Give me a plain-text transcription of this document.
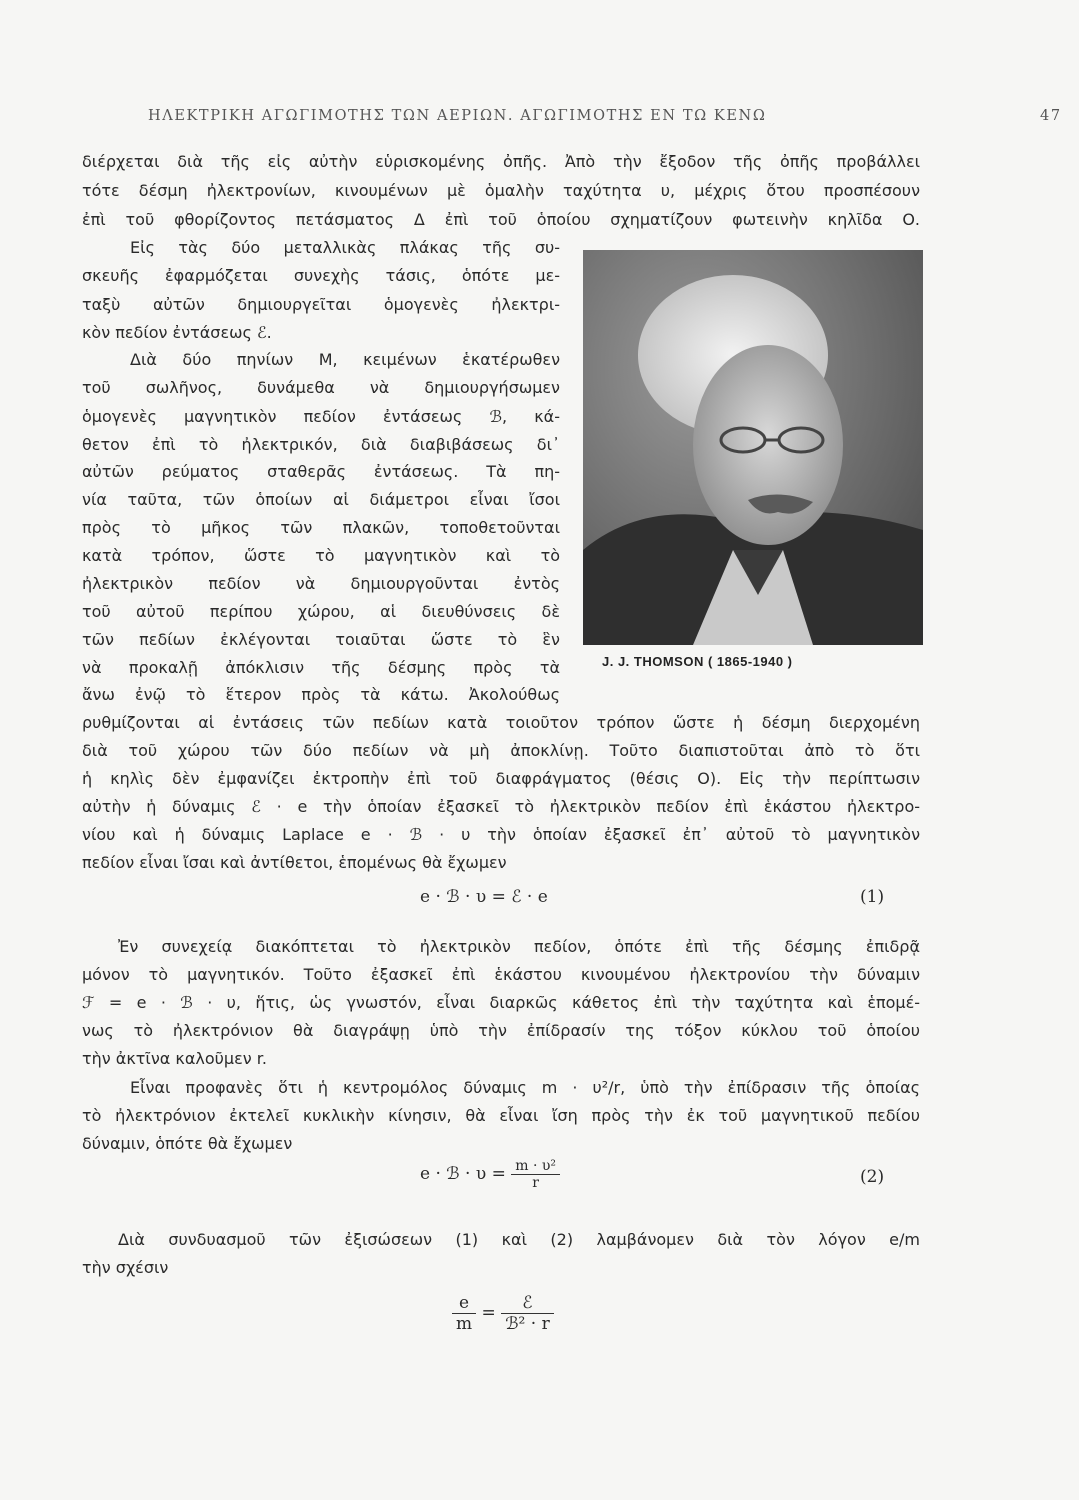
ΗΛΕΚΤΡΙΚΗ ΑΓΩΓΙΜΟΤΗΣ ΤΩΝ ΑΕΡΙΩΝ. ΑΓΩΓΙΜΟΤΗΣ ΕΝ ΤΩ ΚΕΝΩ	47
διέρχεται διὰ τῆς εἰς αὐτὴν εὑρισκομένης ὀπῆς. Ἀπὸ τὴν ἔξοδον τῆς ὀπῆς προβάλλει
τότε δέσμη ἠλεκτρονίων, κινουμένων μὲ ὁμαλὴν ταχύτητα υ, μέχρις ὅτου προσπέσουν
ἐπὶ τοῦ φθορίζοντος πετάσματος Δ ἐπὶ τοῦ ὁποίου σχηματίζουν φωτεινὴν κηλῖδα Ο.
Εἰς τὰς δύο μεταλλικὰς πλάκας τῆς συ-
σκευῆς ἐφαρμόζεται συνεχὴς τάσις, ὁπότε με-
ταξὺ αὐτῶν δημιουργεῖται ὁμογενὲς ἠλεκτρι-
κὸν πεδίον ἐντάσεως ℰ.
Διὰ δύο πηνίων Μ, κειμένων ἑκατέρωθεν
τοῦ σωλῆνος, δυνάμεθα νὰ δημιουργήσωμεν
ὁμογενὲς μαγνητικὸν πεδίον ἐντάσεως ℬ, κά-
θετον ἐπὶ τὸ ἠλεκτρικόν, διὰ διαβιβάσεως δι᾽
αὐτῶν ρεύματος σταθερᾶς ἐντάσεως. Τὰ πη-
νία ταῦτα, τῶν ὁποίων αἱ διάμετροι εἶναι ἴσοι
πρὸς τὸ μῆκος τῶν πλακῶν, τοποθετοῦνται
κατὰ τρόπον, ὥστε τὸ μαγνητικὸν καὶ τὸ
ἠλεκτρικὸν πεδίον νὰ δημιουργοῦνται ἐντὸς
τοῦ αὐτοῦ περίπου χώρου, αἱ διευθύνσεις δὲ
τῶν πεδίων ἐκλέγονται τοιαῦται ὥστε τὸ ἓν
νὰ προκαλῇ ἀπόκλισιν τῆς δέσμης πρὸς τὰ
ἄνω ἐνῷ τὸ ἕτερον πρὸς τὰ κάτω. Ἀκολούθως
J. J. THOMSON ( 1865-1940 )
ρυθμίζονται αἱ ἐντάσεις τῶν πεδίων κατὰ τοιοῦτον τρόπον ὥστε ἡ δέσμη διερχομένη
διὰ τοῦ χώρου τῶν δύο πεδίων νὰ μὴ ἀποκλίνῃ. Τοῦτο διαπιστοῦται ἀπὸ τὸ ὅτι
ἡ κηλὶς δὲν ἐμφανίζει ἐκτροπὴν ἐπὶ τοῦ διαφράγματος (θέσις Ο). Εἰς τὴν περίπτωσιν
αὐτὴν ἡ δύναμις ℰ · e τὴν ὁποίαν ἐξασκεῖ τὸ ἠλεκτρικὸν πεδίον ἐπὶ ἑκάστου ἠλεκτρο-
νίου καὶ ἡ δύναμις Laplace e · ℬ · υ τὴν ὁποίαν ἐξασκεῖ ἐπ᾽ αὐτοῦ τὸ μαγνητικὸν
πεδίον εἶναι ἴσαι καὶ ἀντίθετοι, ἑπομένως θὰ ἔχωμεν
e · ℬ · υ = ℰ · e	(1)
Ἐν συνεχείᾳ διακόπτεται τὸ ἠλεκτρικὸν πεδίον, ὁπότε ἐπὶ τῆς δέσμης ἐπιδρᾷ
μόνον τὸ μαγνητικόν. Τοῦτο ἐξασκεῖ ἐπὶ ἑκάστου κινουμένου ἠλεκτρονίου τὴν δύναμιν
ℱ = e · ℬ · υ, ἥτις, ὡς γνωστόν, εἶναι διαρκῶς κάθετος ἐπὶ τὴν ταχύτητα καὶ ἑπομέ-
νως τὸ ἠλεκτρόνιον θὰ διαγράψῃ ὑπὸ τὴν ἐπίδρασίν της τόξον κύκλου τοῦ ὁποίου
τὴν ἀκτῖνα καλοῦμεν r.
Εἶναι προφανὲς ὅτι ἡ κεντρομόλος δύναμις m · υ²/r, ὑπὸ τὴν ἐπίδρασιν τῆς ὁποίας
τὸ ἠλεκτρόνιον ἐκτελεῖ κυκλικὴν κίνησιν, θὰ εἶναι ἴση πρὸς τὴν ἐκ τοῦ μαγνητικοῦ πεδίου
δύναμιν, ὁπότε θὰ ἔχωμεν
e · ℬ · $\upsilon = \frac{\text{m · υ²}}{r}$	(2)
Διὰ συνδυασμοῦ τῶν ἐξισώσεων (1) καὶ (2) λαμβάνομεν διὰ τὸν λόγον e/m
τὴν σχέσιν
$\frac{e}{m} = \frac{\text{ℰ}}{\text{ℬ² · r}}$
